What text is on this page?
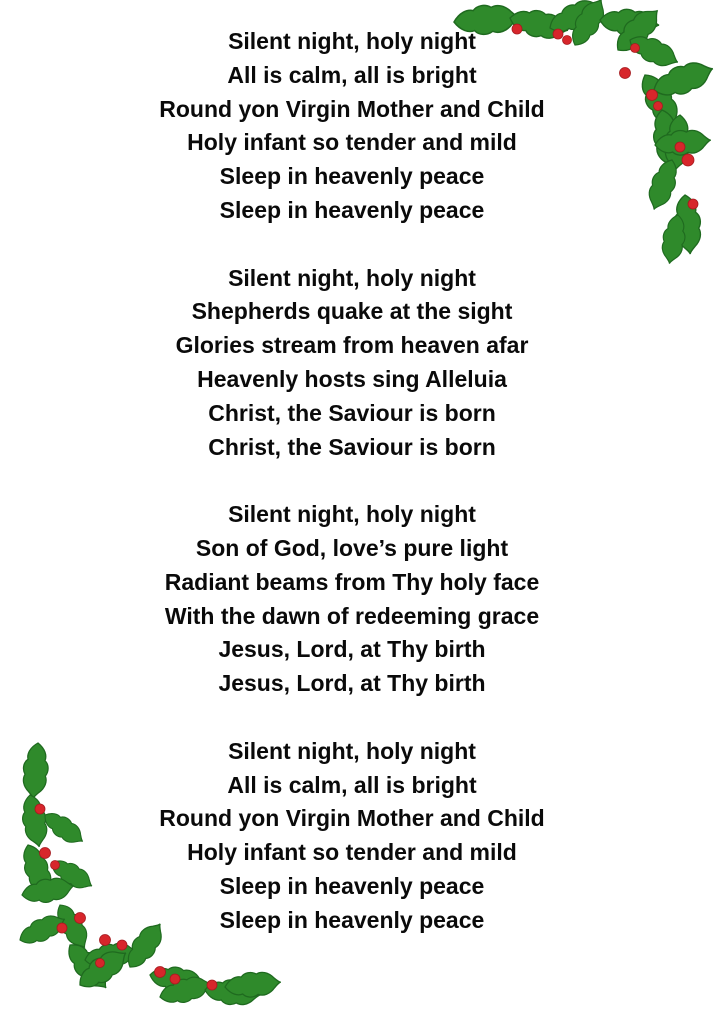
Silent night, holy night
All is calm, all is bright
Round yon Virgin Mother and Child
Holy infant so tender and mild
Sleep in heavenly peace
Sleep in heavenly peace
Silent night, holy night
Shepherds quake at the sight
Glories stream from heaven afar
Heavenly hosts sing Alleluia
Christ, the Saviour is born
Christ, the Saviour is born
Silent night, holy night
Son of God, love’s pure light
Radiant beams from Thy holy face
With the dawn of redeeming grace
Jesus, Lord, at Thy birth
Jesus, Lord, at Thy birth
Silent night, holy night
All is calm, all is bright
Round yon Virgin Mother and Child
Holy infant so tender and mild
Sleep in heavenly peace
Sleep in heavenly peace
